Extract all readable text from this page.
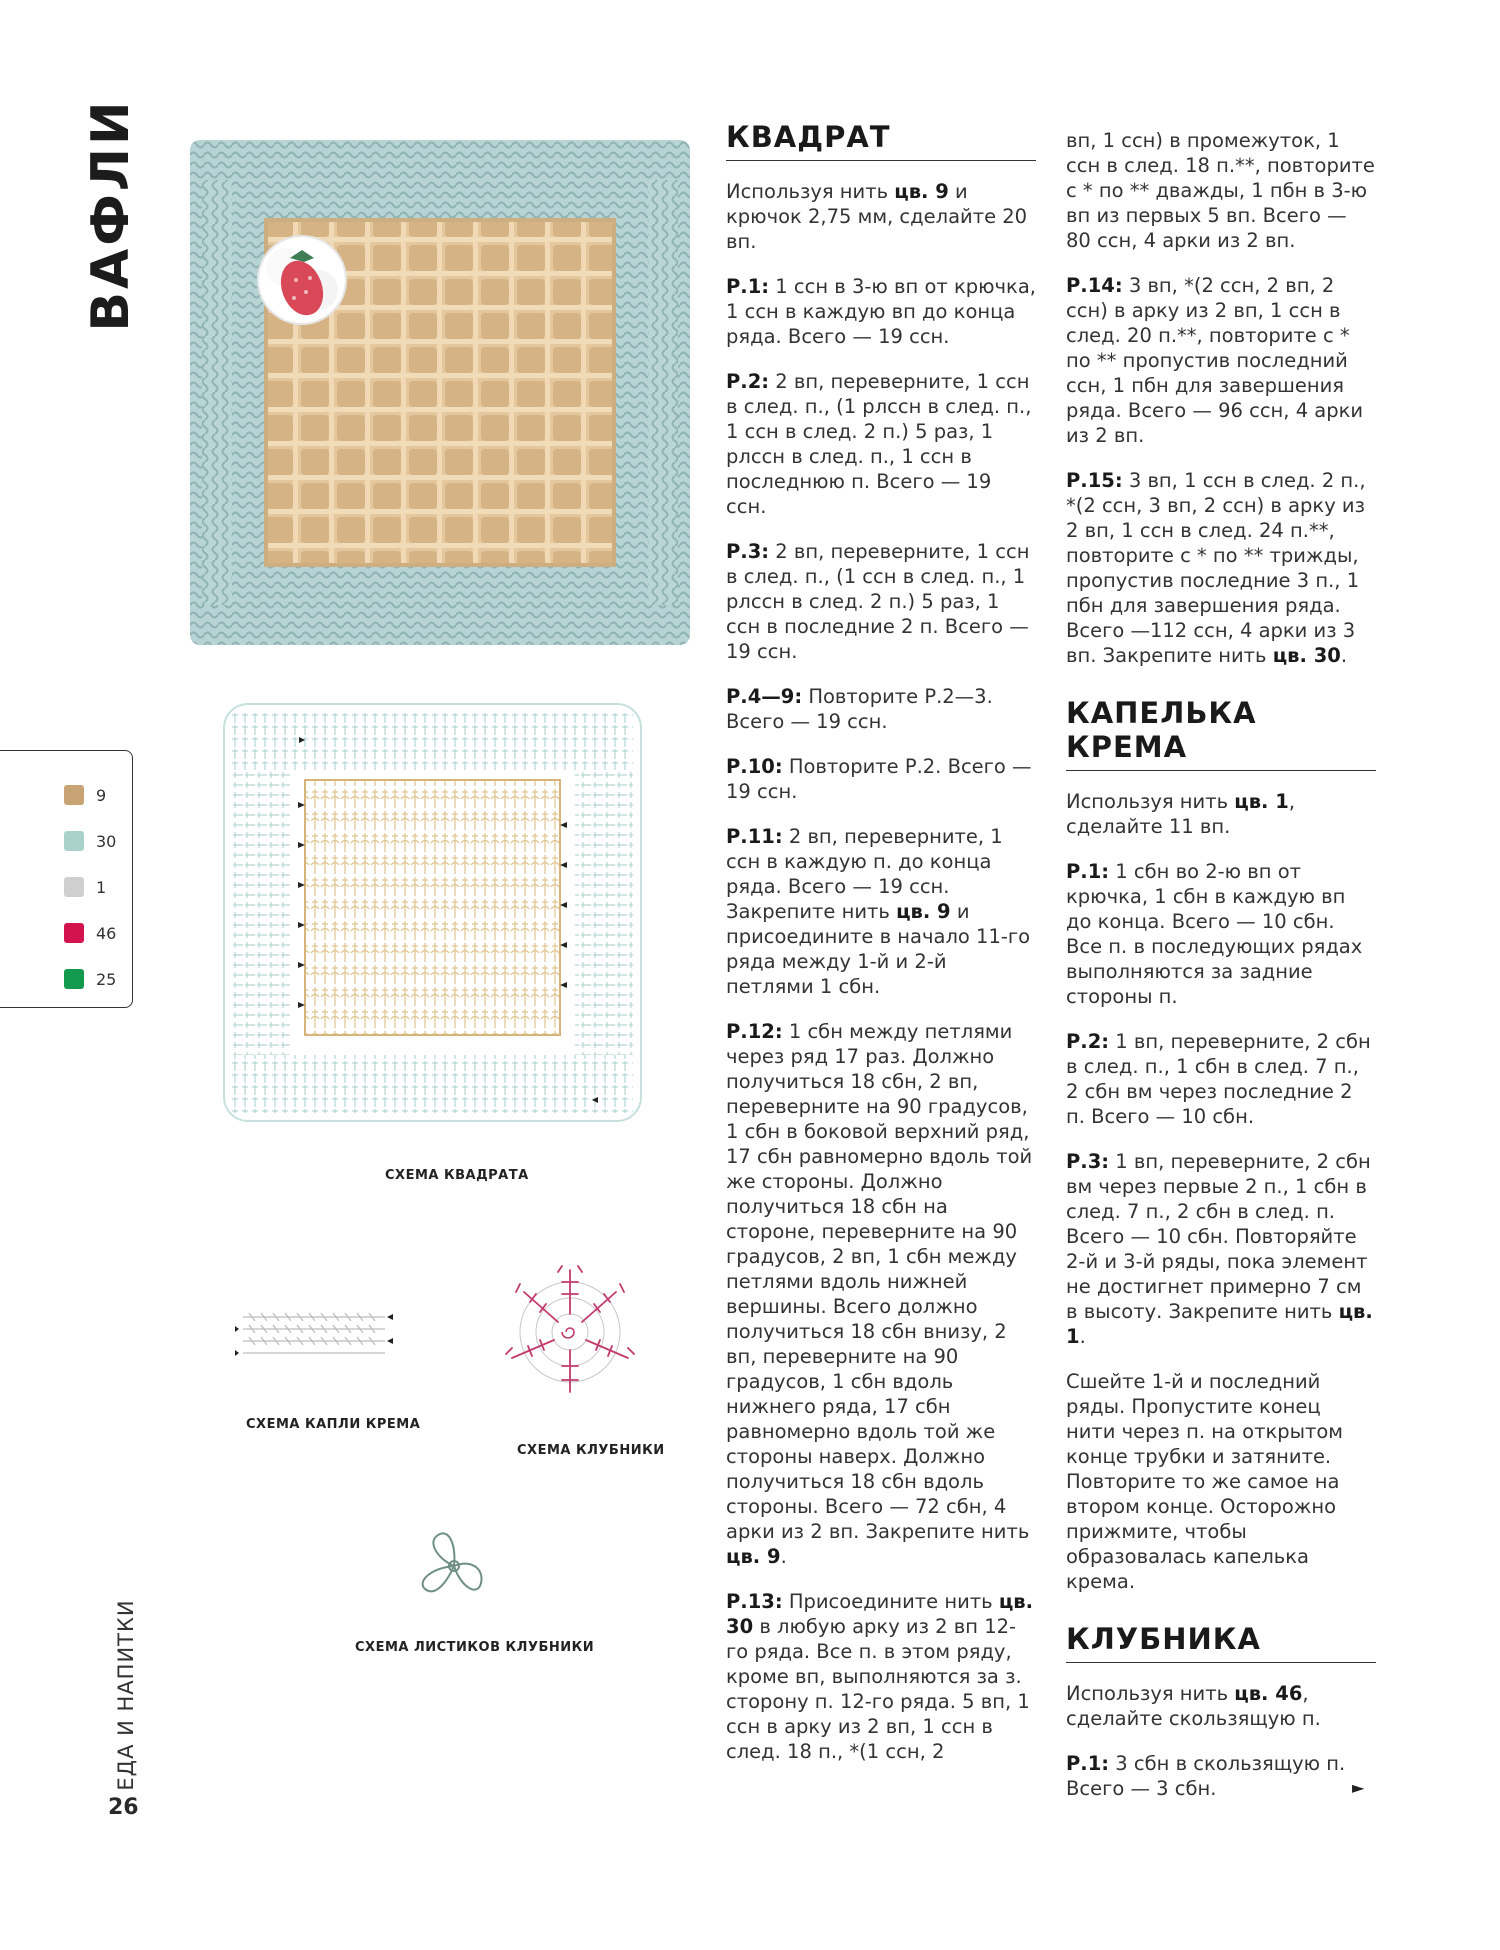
ВАФЛИ
9
30
1
46
25
СХЕМА КВАДРАТА
СХЕМА КАПЛИ КРЕМА
СХЕМА КЛУБНИКИ
СХЕМА ЛИСТИКОВ КЛУБНИКИ
КВАДРАТ

Используя нить цв. 9 и крючок 2,75 мм, сделайте 20 вп.

Р.1: 1 ссн в 3-ю вп от крючка, 1 ссн в каждую вп до конца ряда. Всего — 19 ссн.

Р.2: 2 вп, переверните, 1 ссн в след. п., (1 рлссн в след. п., 1 ссн в след. 2 п.) 5 раз, 1 рлссн в след. п., 1 ссн в последнюю п. Всего — 19 ссн.

Р.3: 2 вп, переверните, 1 ссн в след. п., (1 ссн в след. п., 1 рлссн в след. 2 п.) 5 раз, 1 ссн в последние 2 п. Всего — 19 ссн.

Р.4—9: Повторите Р.2—3. Всего — 19 ссн.

Р.10: Повторите Р.2. Всего — 19 ссн.

Р.11: 2 вп, переверните, 1 ссн в каждую п. до конца ряда. Всего — 19 ссн. Закрепите нить цв. 9 и присоедините в начало 11-го ряда между 1-й и 2-й петлями 1 сбн.

Р.12: 1 сбн между петлями через ряд 17 раз. Должно получиться 18 сбн, 2 вп, переверните на 90 градусов, 1 сбн в боковой верхний ряд, 17 сбн равномерно вдоль той же стороны. Должно получиться 18 сбн на стороне, переверните на 90 градусов, 2 вп, 1 сбн между петлями вдоль нижней вершины. Всего должно получиться 18 сбн внизу, 2 вп, переверните на 90 градусов, 1 сбн вдоль нижнего ряда, 17 сбн равномерно вдоль той же стороны наверх. Должно получиться 18 сбн вдоль стороны. Всего — 72 сбн, 4 арки из 2 вп. Закрепите нить цв. 9.

Р.13: Присоедините нить цв. 30 в любую арку из 2 вп 12-го ряда. Все п. в этом ряду, кроме вп, выполняются за з. сторону п. 12-го ряда. 5 вп, 1 ссн в арку из 2 вп, 1 ссн в след. 18 п., *(1 ссн, 2

вп, 1 ссн) в промежуток, 1 ссн в след. 18 п.**, повторите с * по ** дважды, 1 пбн в 3-ю вп из первых 5 вп. Всего — 80 ссн, 4 арки из 2 вп.

Р.14: 3 вп, *(2 ссн, 2 вп, 2 ссн) в арку из 2 вп, 1 ссн в след. 20 п.**, повторите с * по ** пропустив последний ссн, 1 пбн для завершения ряда. Всего — 96 ссн, 4 арки из 2 вп.

Р.15: 3 вп, 1 ссн в след. 2 п., *(2 ссн, 3 вп, 2 ссн) в арку из 2 вп, 1 ссн в след. 24 п.**, повторите с * по ** трижды, пропустив последние 3 п., 1 пбн для завершения ряда. Всего —112 ссн, 4 арки из 3 вп. Закрепите нить цв. 30.

КАПЕЛЬКА КРЕМА

Используя нить цв. 1, сделайте 11 вп.

Р.1: 1 сбн во 2-ю вп от крючка, 1 сбн в каждую вп до конца. Всего — 10 сбн. Все п. в последующих рядах выполняются за задние стороны п.

Р.2: 1 вп, переверните, 2 сбн в след. п., 1 сбн в след. 7 п., 2 сбн вм через последние 2 п. Всего — 10 сбн.

Р.3: 1 вп, переверните, 2 сбн вм через первые 2 п., 1 сбн в след. 7 п., 2 сбн в след. п. Всего — 10 сбн. Повторяйте 2-й и 3-й ряды, пока элемент не достигнет примерно 7 см в высоту. Закрепите нить цв. 1.

Сшейте 1-й и последний ряды. Пропустите конец нити через п. на открытом конце трубки и затяните. Повторите то же самое на втором конце. Осторожно прижмите, чтобы образовалась капелька крема.

КЛУБНИКА

Используя нить цв. 46, сделайте скользящую п.

Р.1: 3 сбн в скользящую п. Всего — 3 сбн.	►
ЕДА И НАПИТКИ
26
